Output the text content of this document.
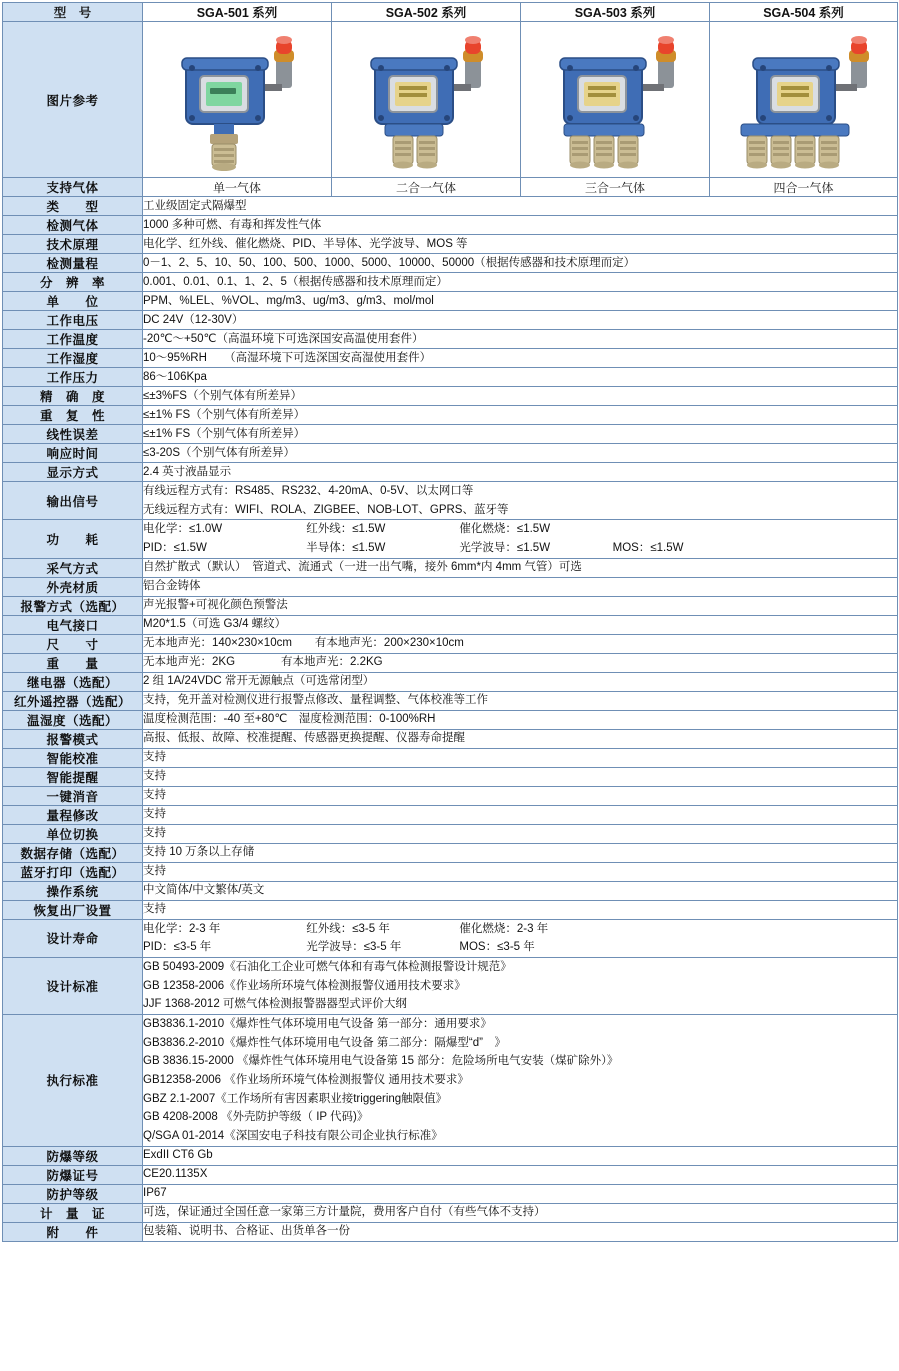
型　号	SGA-501 系列	SGA-502 系列	SGA-503 系列	SGA-504 系列
图片参考	

支持气体	单一气体	二合一气体	三合一气体	四合一气体
类　　型	工业级固定式隔爆型			
检测气体	1000 多种可燃、有毒和挥发性气体			
技术原理	电化学、红外线、催化燃烧、PID、半导体、光学波导、MOS 等			
检测量程	0－1、2、5、10、50、100、500、1000、5000、10000、50000（根据传感器和技术原理而定）			
分　辨　率	0.001、0.01、0.1、1、2、5（根据传感器和技术原理而定）			
单　　位	PPM、%LEL、%VOL、mg/m3、ug/m3、g/m3、mol/mol			
工作电压	DC 24V（12-30V）			
工作温度	-20℃～+50℃（高温环境下可选深国安高温使用套件）			
工作湿度	10～95%RH　　（高湿环境下可选深国安高湿使用套件）			
工作压力	86～106Kpa			
精　确　度	≤±3%FS（个别气体有所差异）			
重　复　性	≤±1% FS（个别气体有所差异）			
线性误差	≤±1% FS（个别气体有所差异）			
响应时间	≤3-20S（个别气体有所差异）			
显示方式	2.4 英寸液晶显示			
输出信号	有线远程方式有：RS485、RS232、4-20mA、0-5V、以太网口等
无线远程方式有：WIFI、ROLA、ZIGBEE、NOB-LOT、GPRS、蓝牙等			

功　　耗	电化学：≤1.0W 红外线：≤1.5W 催化燃烧：≤1.5W
PID：≤1.5W 半导体：≤1.5W 光学波导：≤1.5W MOS：≤1.5W			

采气方式	自然扩散式（默认）　管道式、流通式（一进一出气嘴，接外 6mm*内 4mm 气管）可选			
外壳材质	铝合金铸体			
报警方式（选配）	声光报警+可视化颜色预警法			
电气接口	M20*1.5（可选 G3/4 螺纹）			
尺　　寸	无本地声光：140×230×10cm　　有本地声光：200×230×10cm			
重　　量	无本地声光：2KG　　　　有本地声光：2.2KG			
继电器（选配）	2 组 1A/24VDC 常开无源触点（可选常闭型）			
红外遥控器（选配）	支持，免开盖对检测仪进行报警点修改、量程调整、气体校准等工作			
温湿度（选配）	温度检测范围：-40 至+80℃　湿度检测范围：0-100%RH			
报警模式	高报、低报、故障、校准提醒、传感器更换提醒、仪器寿命提醒			
智能校准	支持			
智能提醒	支持			
一键消音	支持			
量程修改	支持			
单位切换	支持			
数据存储（选配）	支持 10 万条以上存储			
蓝牙打印（选配）	支持			
操作系统	中文简体/中文繁体/英文			
恢复出厂设置	支持			
设计寿命	电化学：2-3 年 红外线：≤3-5 年 催化燃烧：2-3 年
PID：≤3-5 年 光学波导：≤3-5 年 MOS：≤3-5 年			

设计标准	GB 50493-2009《石油化工企业可燃气体和有毒气体检测报警设计规范》
GB 12358-2006《作业场所环境气体检测报警仪通用技术要求》
JJF 1368-2012 可燃气体检测报警器器型式评价大纲			

执行标准	
GB3836.1-2010《爆炸性气体环境用电气设备 第一部分：通用要求》
GB3836.2-2010《爆炸性气体环境用电气设备 第二部分：隔爆型“d”　》
GB 3836.15-2000 《爆炸性气体环境用电气设备第 15 部分：危险场所电气安装（煤矿除外）》
GB12358-2006 《作业场所环境气体检测报警仪 通用技术要求》
GBZ 2.1-2007《工作场所有害因素职业接triggering触限值》
GB 4208-2008 《外壳防护等级（ IP 代码)》
Q/SGA 01-2014《深国安电子科技有限公司企业执行标准》

防爆等级	ExdII CT6 Gb			
防爆证号	CE20.1135X			
防护等级	IP67			
计　量　证	可选，保证通过全国任意一家第三方计量院，费用客户自付（有些气体不支持）			
附　　件	包装箱、说明书、合格证、出货单各一份			
